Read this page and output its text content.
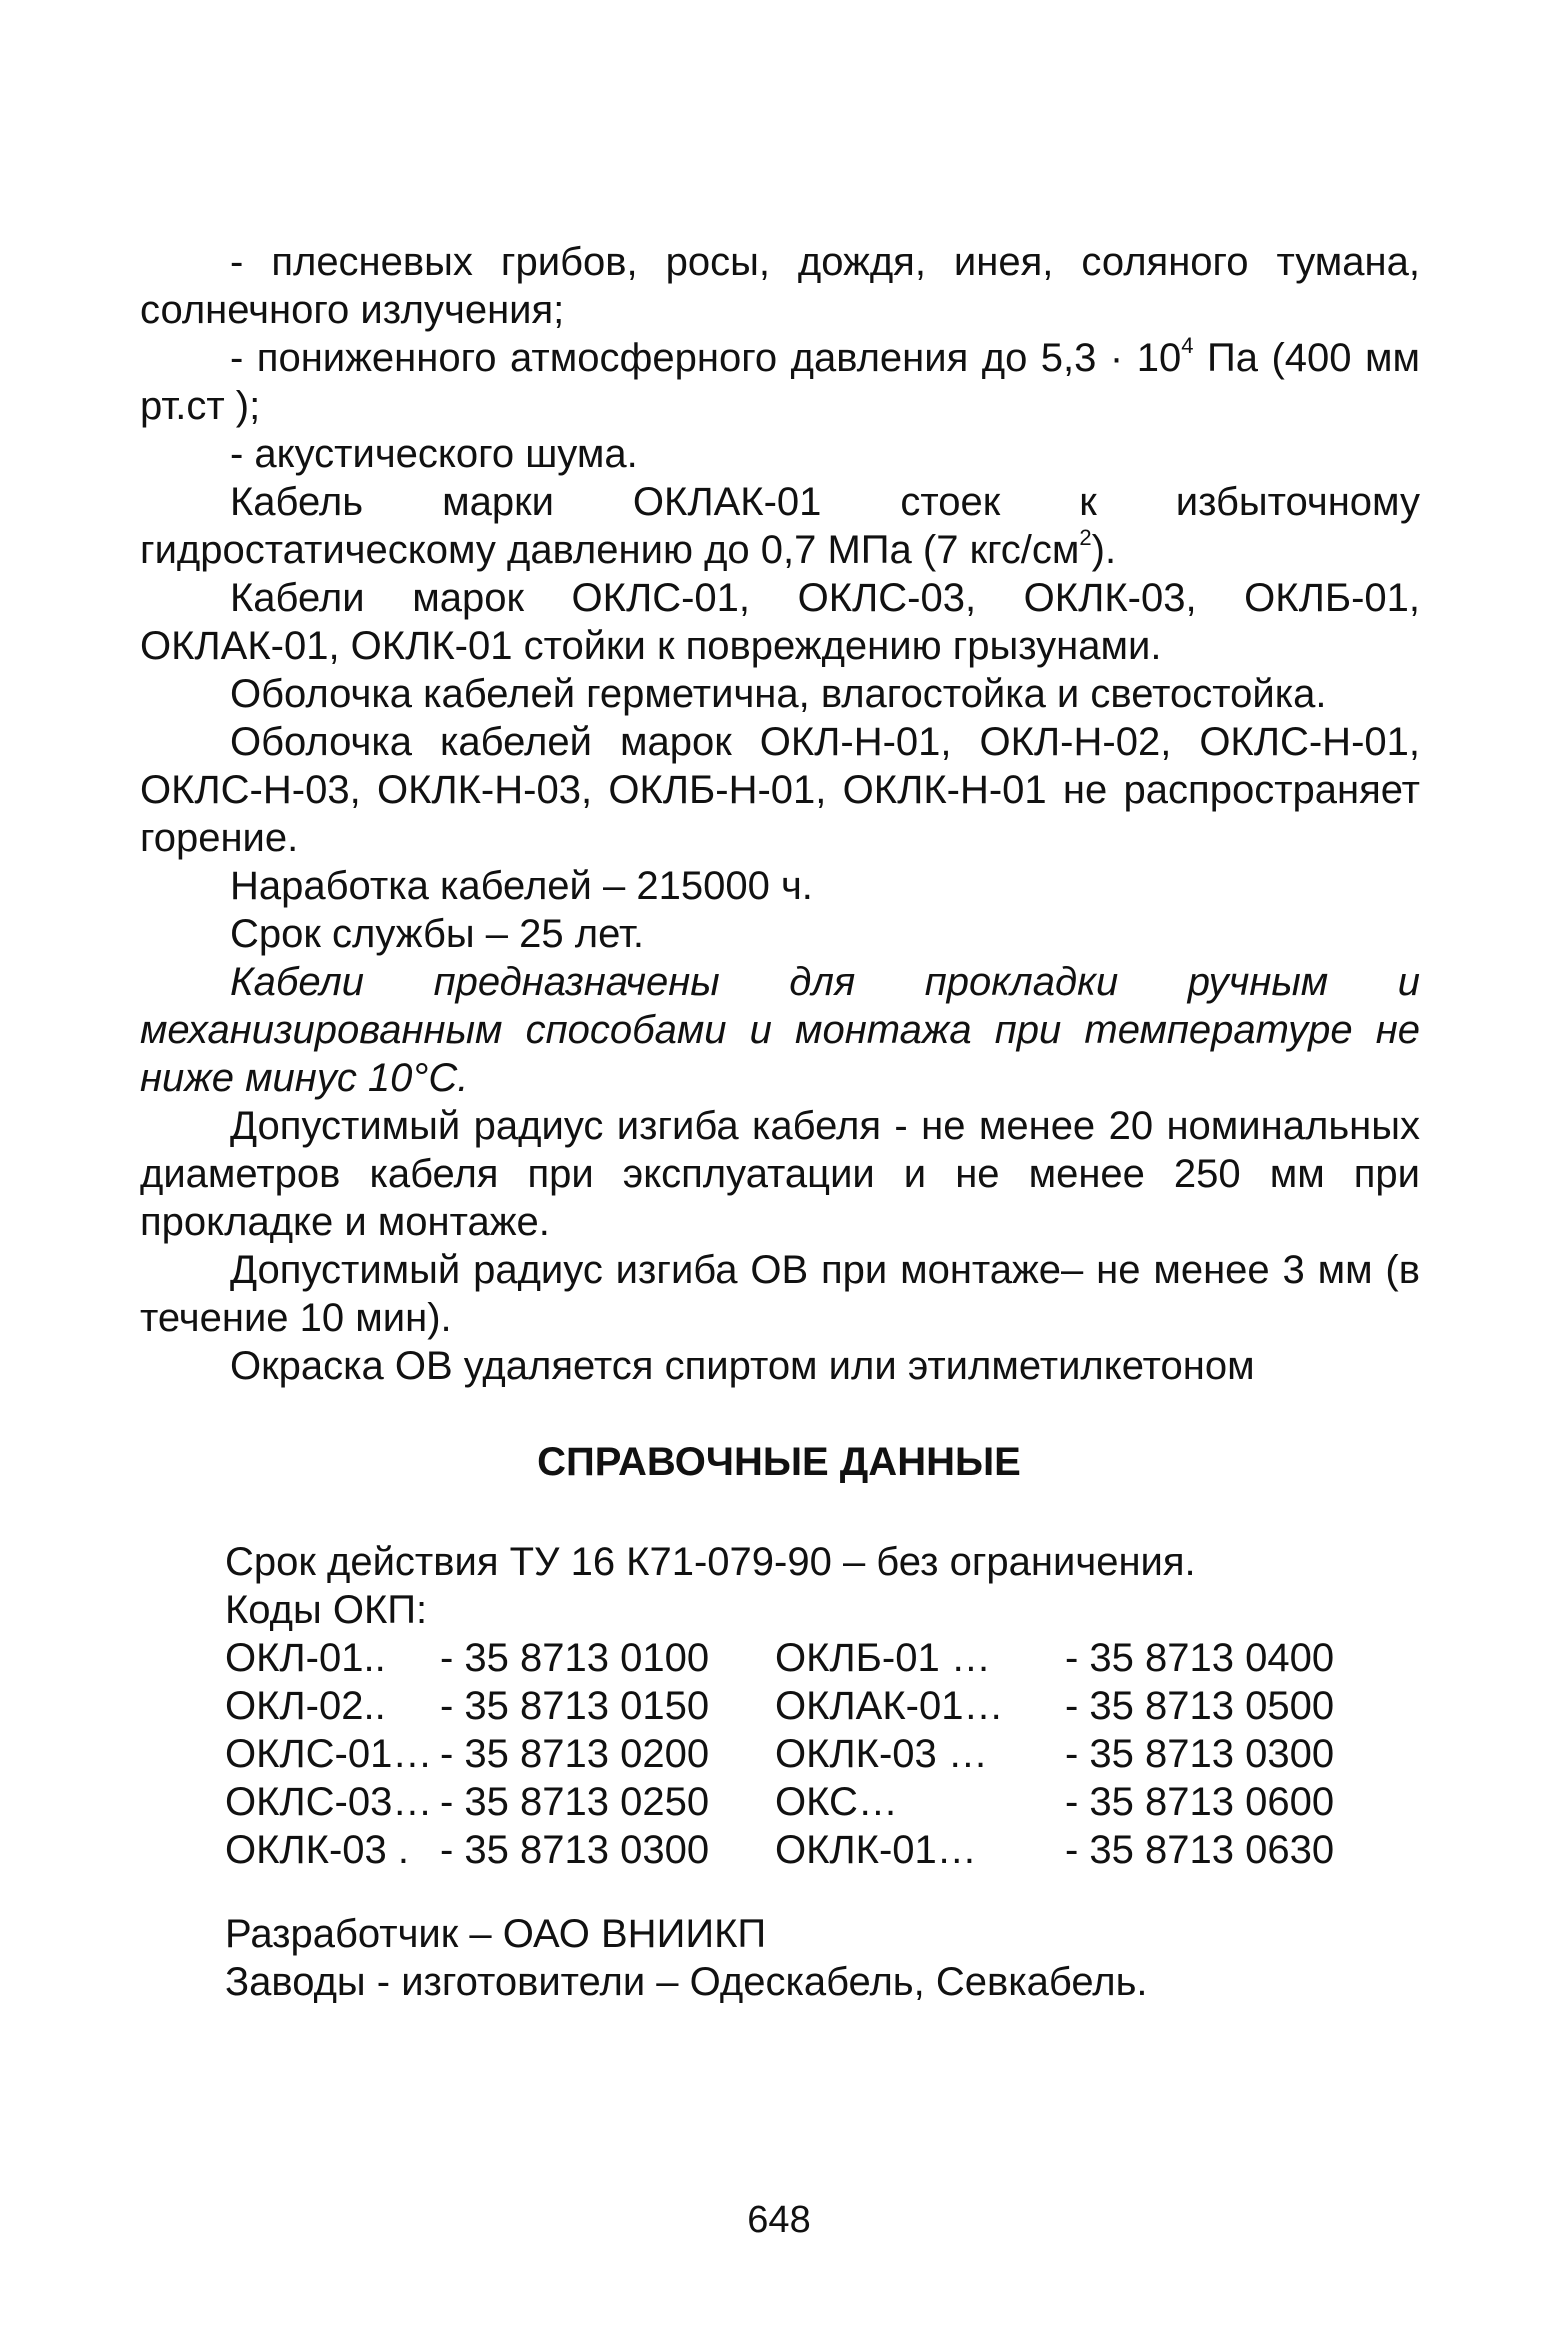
- плесневых грибов, росы, дождя, инея, соляного тумана, солнечного излучения;

- пониженного атмосферного давления до $5,3 \cdot 10^4$ Па (400 мм рт.ст );

- акустического шума.

Кабель марки ОКЛАК-01 стоек к избыточному гидростатическому давлению до 0,7 МПа (7 кгс/$см^2$).

Кабели марок ОКЛС-01, ОКЛС-03, ОКЛК-03, ОКЛБ-01, ОКЛАК-01, ОКЛК-01 стойки к повреждению грызунами.

Оболочка кабелей герметична, влагостойка и светостойка.

Оболочка кабелей марок ОКЛ-Н-01, ОКЛ-Н-02, ОКЛС-Н-01, ОКЛС-Н-03, ОКЛК-Н-03, ОКЛБ-Н-01, ОКЛК-Н-01 не распространяет горение.

Наработка кабелей – 215000 ч.

Срок службы – 25 лет.

Кабели предназначены для прокладки ручным и механизированным способами и монтажа при температуре не ниже минус 10°С.

Допустимый радиус изгиба кабеля - не менее 20 номинальных диаметров кабеля при эксплуатации и не менее 250 мм при прокладке и монтаже.

Допустимый радиус изгиба ОВ при монтаже– не менее 3 мм (в течение 10 мин).

Окраска ОВ удаляется спиртом или этилметилкетоном

СПРАВОЧНЫЕ ДАННЫЕ

Срок действия ТУ 16 К71-079-90 – без ограничения.

Коды ОКП:

ОКЛ-01..	- 35 8713 0100	ОКЛБ-01 …	- 35 8713 0400
ОКЛ-02..	- 35 8713 0150	ОКЛАК-01…	- 35 8713 0500
ОКЛС-01…	- 35 8713 0200	ОКЛК-03 …	- 35 8713 0300
ОКЛС-03…	- 35 8713 0250	ОКС…	- 35 8713 0600
ОКЛК-03 .	- 35 8713 0300	ОКЛК-01…	- 35 8713 0630

Разработчик – ОАО ВНИИКП

Заводы - изготовители – Одескабель, Севкабель.

648
